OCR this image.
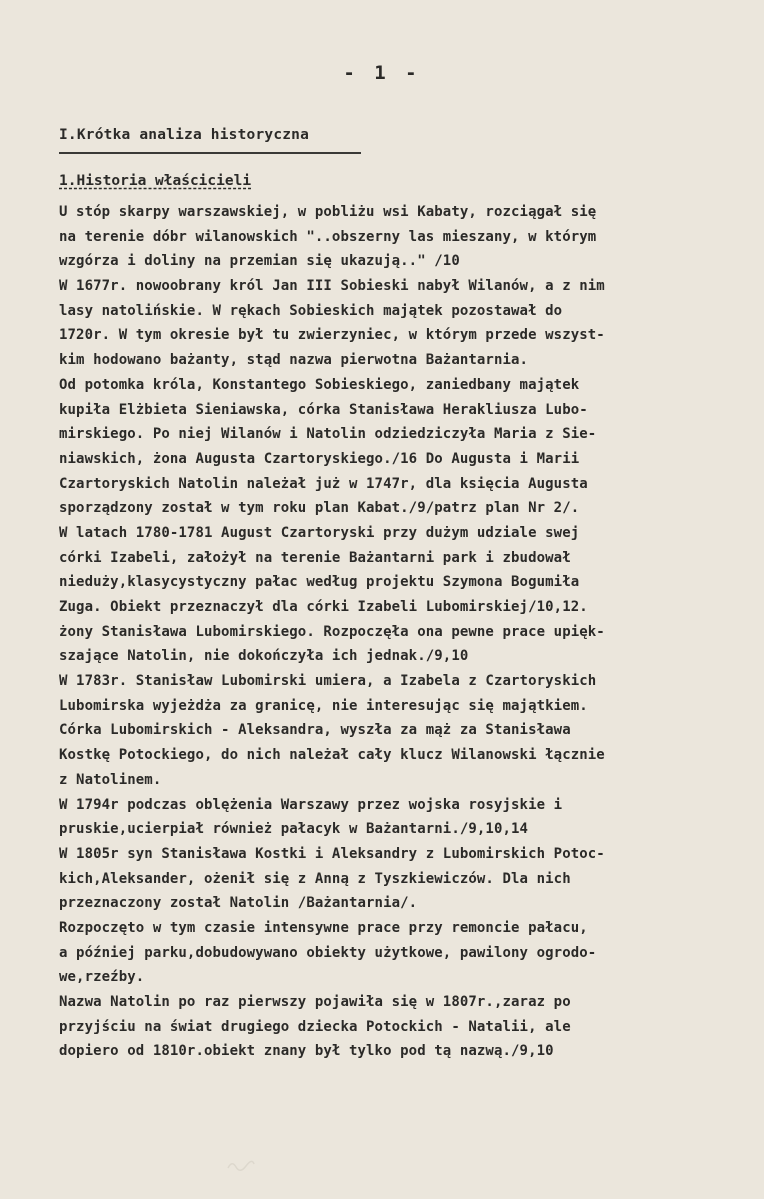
- 1 -
I.Krótka analiza historyczna
1.Historia właścicieli
U stóp skarpy warszawskiej, w pobliżu wsi Kabaty, rozciągał się
na terenie dóbr wilanowskich "..obszerny las mieszany, w którym
wzgórza i doliny na przemian się ukazują.." /10
W 1677r. nowoobrany król Jan III Sobieski nabył Wilanów, a z nim
lasy natolińskie. W rękach Sobieskich majątek pozostawał do
1720r. W tym okresie był tu zwierzyniec, w którym przede wszyst-
kim hodowano bażanty, stąd nazwa pierwotna Bażantarnia.
Od potomka króla, Konstantego Sobieskiego, zaniedbany majątek
kupiła Elżbieta Sieniawska, córka Stanisława Herakliusza Lubo-
mirskiego. Po niej Wilanów i Natolin odziedziczyła Maria z Sie-
niawskich, żona Augusta Czartoryskiego./16 Do Augusta i Marii
Czartoryskich Natolin należał już w 1747r, dla księcia Augusta
sporządzony został w tym roku plan Kabat./9/patrz plan Nr 2/.
W latach 1780-1781 August Czartoryski przy dużym udziale swej
córki Izabeli, założył na terenie Bażantarni park i zbudował
nieduży,klasycystyczny pałac według projektu Szymona Bogumiła
Zuga. Obiekt przeznaczył dla córki Izabeli Lubomirskiej/10,12.
żony Stanisława Lubomirskiego. Rozpoczęła ona pewne prace upięk-
szające Natolin, nie dokończyła ich jednak./9,10
W 1783r. Stanisław Lubomirski umiera, a Izabela z Czartoryskich
Lubomirska wyjeżdża za granicę, nie interesując się majątkiem.
Córka Lubomirskich - Aleksandra, wyszła za mąż za Stanisława
Kostkę Potockiego, do nich należał cały klucz Wilanowski łącznie
z Natolinem.
W 1794r podczas oblężenia Warszawy przez wojska rosyjskie i
pruskie,ucierpiał również pałacyk w Bażantarni./9,10,14
W 1805r syn Stanisława Kostki i Aleksandry z Lubomirskich Potoc-
kich,Aleksander, ożenił się z Anną z Tyszkiewiczów. Dla nich
przeznaczony został Natolin /Bażantarnia/.
Rozpoczęto w tym czasie intensywne prace przy remoncie pałacu,
a później parku,dobudowywano obiekty użytkowe, pawilony ogrodo-
we,rzeźby.
Nazwa Natolin po raz pierwszy pojawiła się w 1807r.,zaraz po
przyjściu na świat drugiego dziecka Potockich - Natalii, ale
dopiero od 1810r.obiekt znany był tylko pod tą nazwą./9,10
